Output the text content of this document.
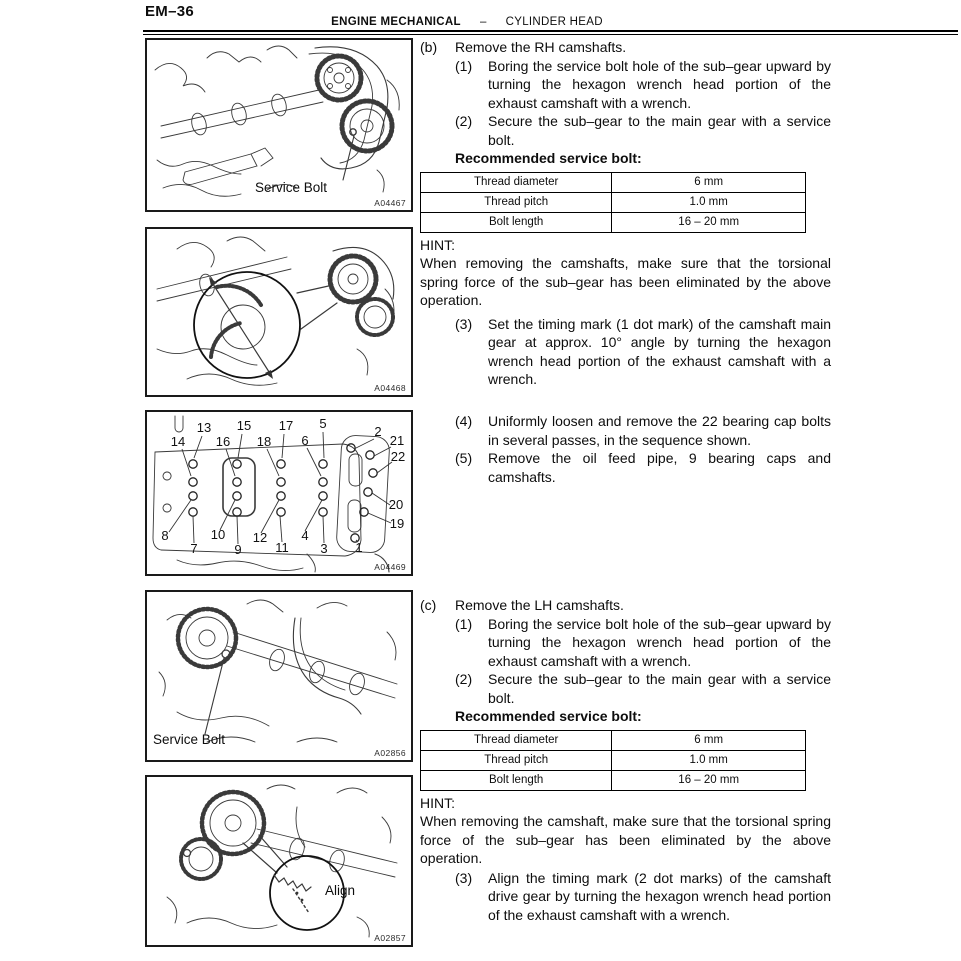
EM–36
ENGINE MECHANICAL – CYLINDER HEAD
Service Bolt
A04467
A04468
13 15 17 5
14 16 18 6
2
21
22
20
19
8
7
10
9
12
11
4
3 1
A04469
Service Bolt
A02856
Align
A02857
(b)	Remove the RH camshafts.
(1)	Boring the service bolt hole of the sub–gear upward by turning the hexagon wrench head portion of the exhaust camshaft with a wrench.
(2)	Secure the sub–gear to the main gear with a service bolt.
Recommended service bolt:
Thread diameter	6 mm
Thread pitch	1.0 mm
Bolt length	16 – 20 mm
HINT:
When removing the camshafts, make sure that the torsional spring force of the sub–gear has been eliminated by the above operation.
(3)	Set the timing mark (1 dot mark) of the camshaft main gear at approx. 10° angle by turning the hexagon wrench head portion of the exhaust camshaft with a wrench.
(4)	Uniformly loosen and remove the 22 bearing cap bolts in several passes, in the sequence shown.
(5)	Remove the oil feed pipe, 9 bearing caps and camshafts.
(c)	Remove the LH camshafts.
(1)	Boring the service bolt hole of the sub–gear upward by turning the hexagon wrench head portion of the exhaust camshaft with a wrench.
(2)	Secure the sub–gear to the main gear with a service bolt.
Recommended service bolt:
Thread diameter	6 mm
Thread pitch	1.0 mm
Bolt length	16 – 20 mm
HINT:
When removing the camshaft, make sure that the torsional spring force of the sub–gear has been eliminated by the above operation.
(3)	Align the timing mark (2 dot marks) of the camshaft drive gear by turning the hexagon wrench head portion of the exhaust camshaft with a wrench.
